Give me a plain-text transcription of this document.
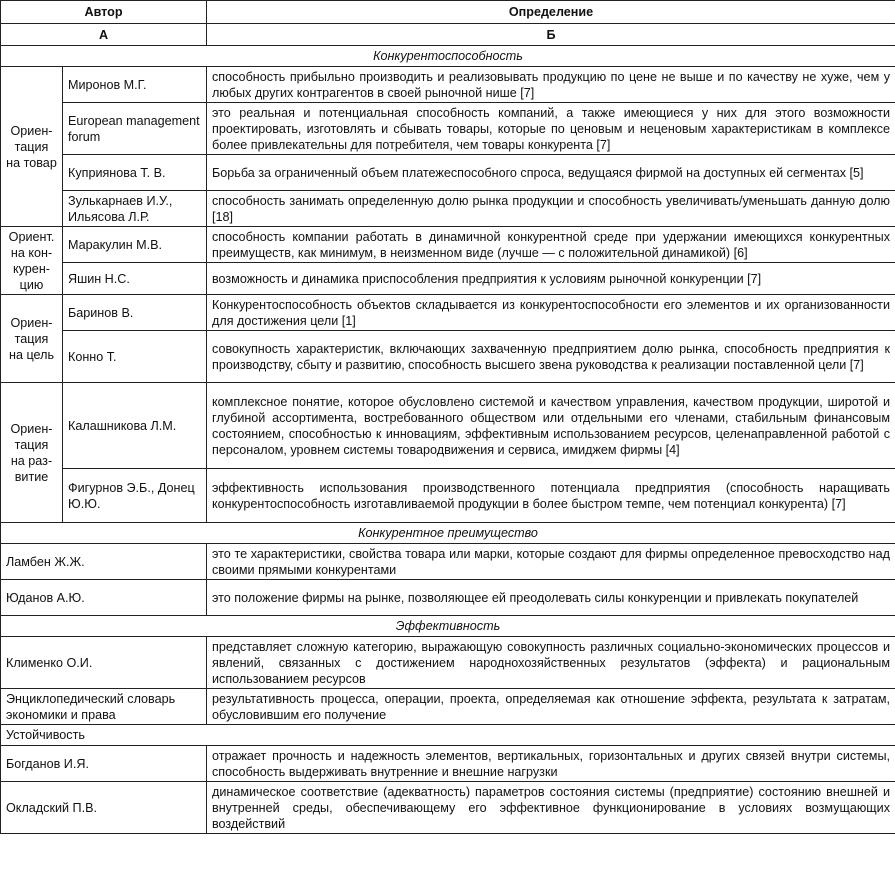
Автор		Определение
А		Б
Конкурентоспособность		
Ориентация на товар	Миронов М.Г.	способность прибыльно производить и реализовывать продукцию по цене не выше и по качеству не хуже, чем у любых других контрагентов в своей рыночной нише [7]
	European management forum	это реальная и потенциальная способность компаний, а также имеющиеся у них для этого возможности проектировать, изготовлять и сбывать товары, которые по ценовым и неценовым характеристикам в комплексе более привлекательны для потребителя, чем товары конкурента [7]
	Куприянова Т. В.	Борьба за ограниченный объем платежеспособного спроса, ведущаяся фирмой на доступных ей сегментах [5]
	Зулькарнаев И.У., Ильясова Л.Р.	способность занимать определенную долю рынка продукции и способность увеличивать/уменьшать данную долю [18]
Ориент. на конкуренцию	Маракулин М.В.	способность компании работать в динамичной конкурентной среде при удержании имеющихся конкурентных преимуществ, как минимум, в неизменном виде (лучше — с положительной динамикой) [6]
	Яшин Н.С.	возможность и динамика приспособления предприятия к условиям рыночной конкуренции [7]
Ориентация на цель	Баринов В.	Конкурентоспособность объектов складывается из конкурентоспособности его элементов и их организованности для достижения цели [1]
	Конно Т.	совокупность характеристик, включающих захваченную предприятием долю рынка, способность предприятия к производству, сбыту и развитию, способность высшего звена руководства к реализации поставленной цели [7]
Ориентация на развитие	Калашникова Л.М.	комплексное понятие, которое обусловлено системой и качеством управления, качеством продукции, широтой и глубиной ассортимента, востребованного обществом или отдельными его членами, стабильным финансовым состоянием, способностью к инновациям, эффективным использованием ресурсов, целенаправленной работой с персоналом, уровнем системы товародвижения и сервиса, имиджем фирмы [4]
	Фигурнов Э.Б., Донец Ю.Ю.	эффективность использования производственного потенциала предприятия (способность наращивать конкурентоспособность изготавливаемой продукции в более быстром темпе, чем потенциал конкурента) [7]
Конкурентное преимущество		
Ламбен Ж.Ж.		это те характеристики, свойства товара или марки, которые создают для фирмы определенное превосходство над своими прямыми конкурентами
Юданов А.Ю.		это положение фирмы на рынке, позволяющее ей преодолевать силы конкуренции и привлекать покупателей
Эффективность		
Клименко О.И.		представляет сложную категорию, выражающую совокупность различных социально-экономических процессов и явлений, связанных с достижением народнохозяйственных результатов (эффекта) и рациональным использованием ресурсов
Энциклопедический словарь экономики и права		результативность процесса, операции, проекта, определяемая как отношение эффекта, результата к затратам, обусловившим его получение
Устойчивость		
Богданов И.Я.		отражает прочность и надежность элементов, вертикальных, горизонтальных и других связей внутри системы, способность выдерживать внутренние и внешние нагрузки
Окладский П.В.		динамическое соответствие (адекватность) параметров состояния системы (предприятие) состоянию внешней и внутренней среды, обеспечивающему его эффективное функционирование в условиях возмущающих воздействий
